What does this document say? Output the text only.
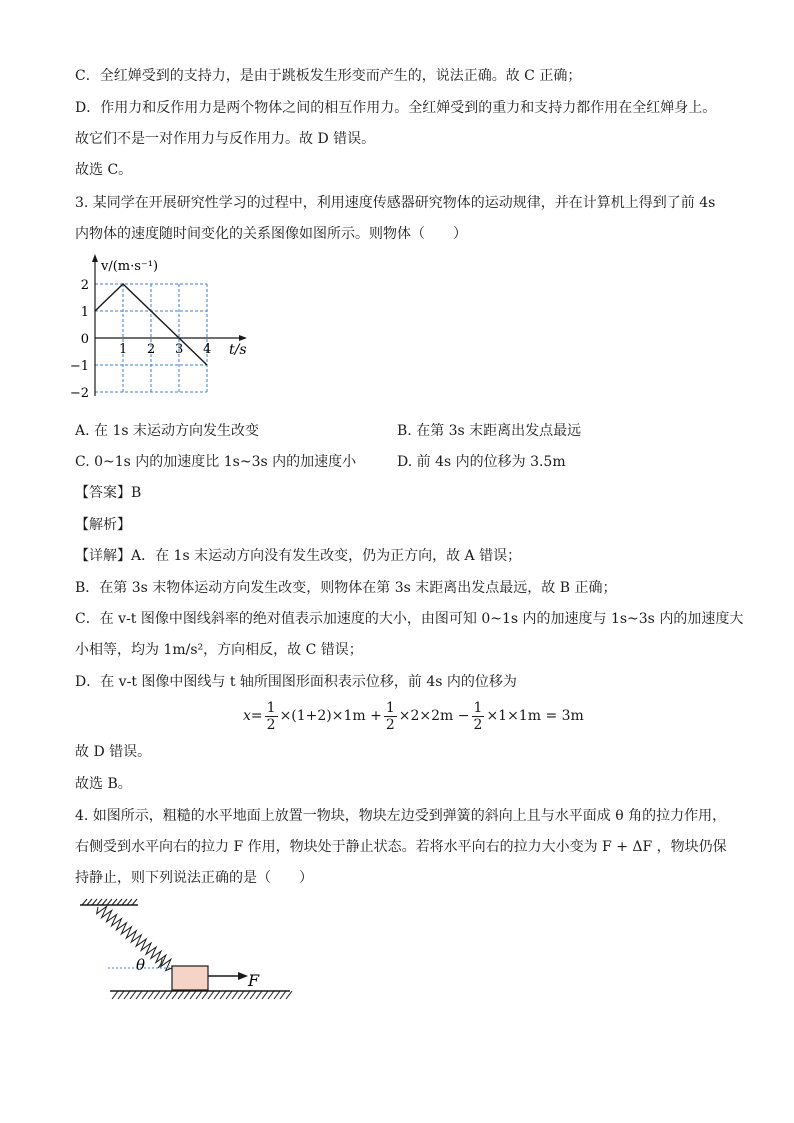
C．全红婵受到的支持力，是由于跳板发生形变而产生的，说法正确。故 C 正确；
D．作用力和反作用力是两个物体之间的相互作用力。全红婵受到的重力和支持力都作用在全红婵身上。
故它们不是一对作用力与反作用力。故 D 错误。
故选 C。
3. 某同学在开展研究性学习的过程中，利用速度传感器研究物体的运动规律，并在计算机上得到了前 4s
内物体的速度随时间变化的关系图像如图所示。则物体（　　）
v/(m·s⁻¹)
t/s
1 2 3 4
2
1
0
−1
−2
A. 在 1s 末运动方向发生改变	B. 在第 3s 末距离出发点最远
C. 0~1s 内的加速度比 1s~3s 内的加速度小	D. 前 4s 内的位移为 3.5m
【答案】B
【解析】
【详解】A．在 1s 末运动方向没有发生改变，仍为正方向，故 A 错误；
B．在第 3s 末物体运动方向发生改变，则物体在第 3s 末距离出发点最远，故 B 正确；
C．在 v-t 图像中图线斜率的绝对值表示加速度的大小，由图可知 0~1s 内的加速度与 1s~3s 内的加速度大
小相等，均为 1m/s²，方向相反，故 C 错误；
D．在 v-t 图像中图线与 t 轴所围图形面积表示位移，前 4s 内的位移为
$x = \frac{1}{2} \times(1+2)\times 1m + \frac{1}{2} \times 2\times 2m - \frac{1}{2} \times 1\times 1m = 3m$
故 D 错误。
故选 B。
4. 如图所示，粗糙的水平地面上放置一物块，物块左边受到弹簧的斜向上且与水平面成 θ 角的拉力作用，
右侧受到水平向右的拉力 F 作用，物块处于静止状态。若将水平向右的拉力大小变为 F + ΔF ，物块仍保
持静止，则下列说法正确的是（　　）
θ
F
